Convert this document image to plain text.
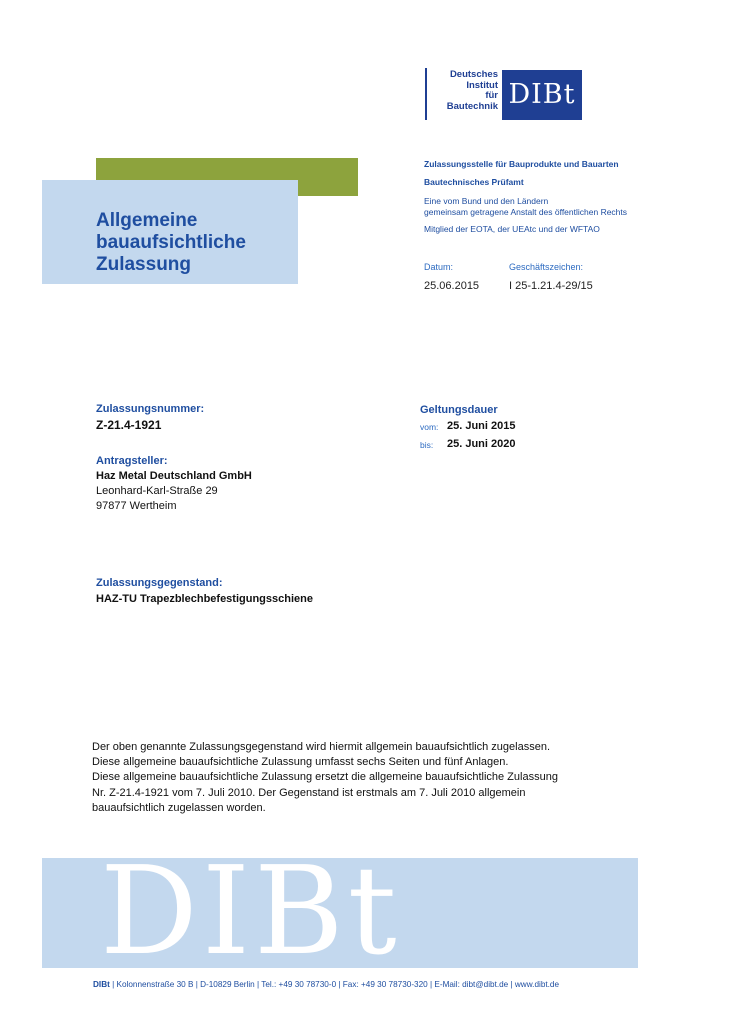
Deutsches
Institut
für
Bautechnik DIBt
Allgemeine
bauaufsichtliche
Zulassung
Zulassungsstelle für Bauprodukte und Bauarten
Bautechnisches Prüfamt
Eine vom Bund und den Ländern
gemeinsam getragene Anstalt des öffentlichen Rechts
Mitglied der EOTA, der UEAtc und der WFTAO
Datum:
25.06.2015
Geschäftszeichen:
I 25-1.21.4-29/15
Zulassungsnummer:
Z-21.4-1921
Geltungsdauer
vom: 25. Juni 2015
bis: 25. Juni 2020
Antragsteller:
Haz Metal Deutschland GmbH
Leonhard-Karl-Straße 29
97877 Wertheim
Zulassungsgegenstand:
HAZ-TU Trapezblechbefestigungsschiene
Der oben genannte Zulassungsgegenstand wird hiermit allgemein bauaufsichtlich zugelassen.
Diese allgemeine bauaufsichtliche Zulassung umfasst sechs Seiten und fünf Anlagen.
Diese allgemeine bauaufsichtliche Zulassung ersetzt die allgemeine bauaufsichtliche Zulassung
Nr. Z-21.4-1921 vom 7. Juli 2010. Der Gegenstand ist erstmals am 7. Juli 2010 allgemein
bauaufsichtlich zugelassen worden.
DIBt
DIBt | Kolonnenstraße 30 B | D-10829 Berlin | Tel.: +49 30 78730-0 | Fax: +49 30 78730-320 | E-Mail: dibt@dibt.de | www.dibt.de
